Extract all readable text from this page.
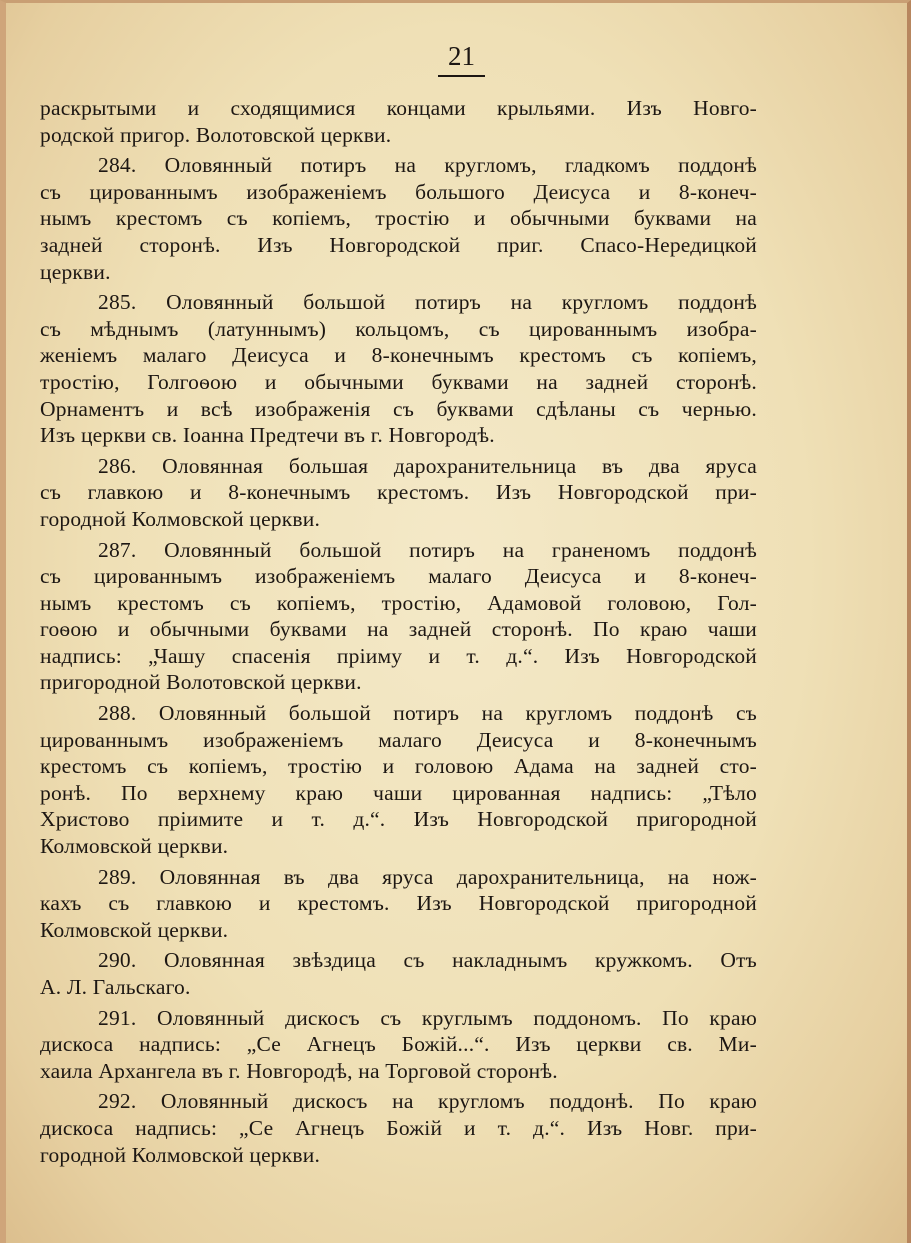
21
раскрытыми и сходящимися концами крыльями. Изъ Новго-
родской пригор. Волотовской церкви.
284. Оловянный потиръ на кругломъ, гладкомъ поддонѣ
съ цированнымъ изображеніемъ большого Деисуса и 8-конеч-
нымъ крестомъ съ копіемъ, тростію и обычными буквами на
задней сторонѣ. Изъ Новгородской приг. Спасо-Нередицкой
церкви.
285. Оловянный большой потиръ на кругломъ поддонѣ
съ мѣднымъ (латуннымъ) кольцомъ, съ цированнымъ изобра-
женіемъ малаго Деисуса и 8-конечнымъ крестомъ съ копіемъ,
тростію, Голгоѳою и обычными буквами на задней сторонѣ.
Орнаментъ и всѣ изображенія съ буквами сдѣланы съ чернью.
Изъ церкви св. Іоанна Предтечи въ г. Новгородѣ.
286. Оловянная большая дарохранительница въ два яруса
съ главкою и 8-конечнымъ крестомъ. Изъ Новгородской при-
городной Колмовской церкви.
287. Оловянный большой потиръ на граненомъ поддонѣ
съ цированнымъ изображеніемъ малаго Деисуса и 8-конеч-
нымъ крестомъ съ копіемъ, тростію, Адамовой головою, Гол-
гоѳою и обычными буквами на задней сторонѣ. По краю чаши
надпись: „Чашу спасенія пріиму и т. д.“. Изъ Новгородской
пригородной Волотовской церкви.
288. Оловянный большой потиръ на кругломъ поддонѣ съ
цированнымъ изображеніемъ малаго Деисуса и 8-конечнымъ
крестомъ съ копіемъ, тростію и головою Адама на задней сто-
ронѣ. По верхнему краю чаши цированная надпись: „Тѣло
Христово пріимите и т. д.“. Изъ Новгородской пригородной
Колмовской церкви.
289. Оловянная въ два яруса дарохранительница, на нож-
кахъ съ главкою и крестомъ. Изъ Новгородской пригородной
Колмовской церкви.
290. Оловянная звѣздица съ накладнымъ кружкомъ. Отъ
А. Л. Гальскаго.
291. Оловянный дискосъ съ круглымъ поддономъ. По краю
дискоса надпись: „Се Агнецъ Божій...“. Изъ церкви св. Ми-
хаила Архангела въ г. Новгородѣ, на Торговой сторонѣ.
292. Оловянный дискосъ на кругломъ поддонѣ. По краю
дискоса надпись: „Се Агнецъ Божій и т. д.“. Изъ Новг. при-
городной Колмовской церкви.
